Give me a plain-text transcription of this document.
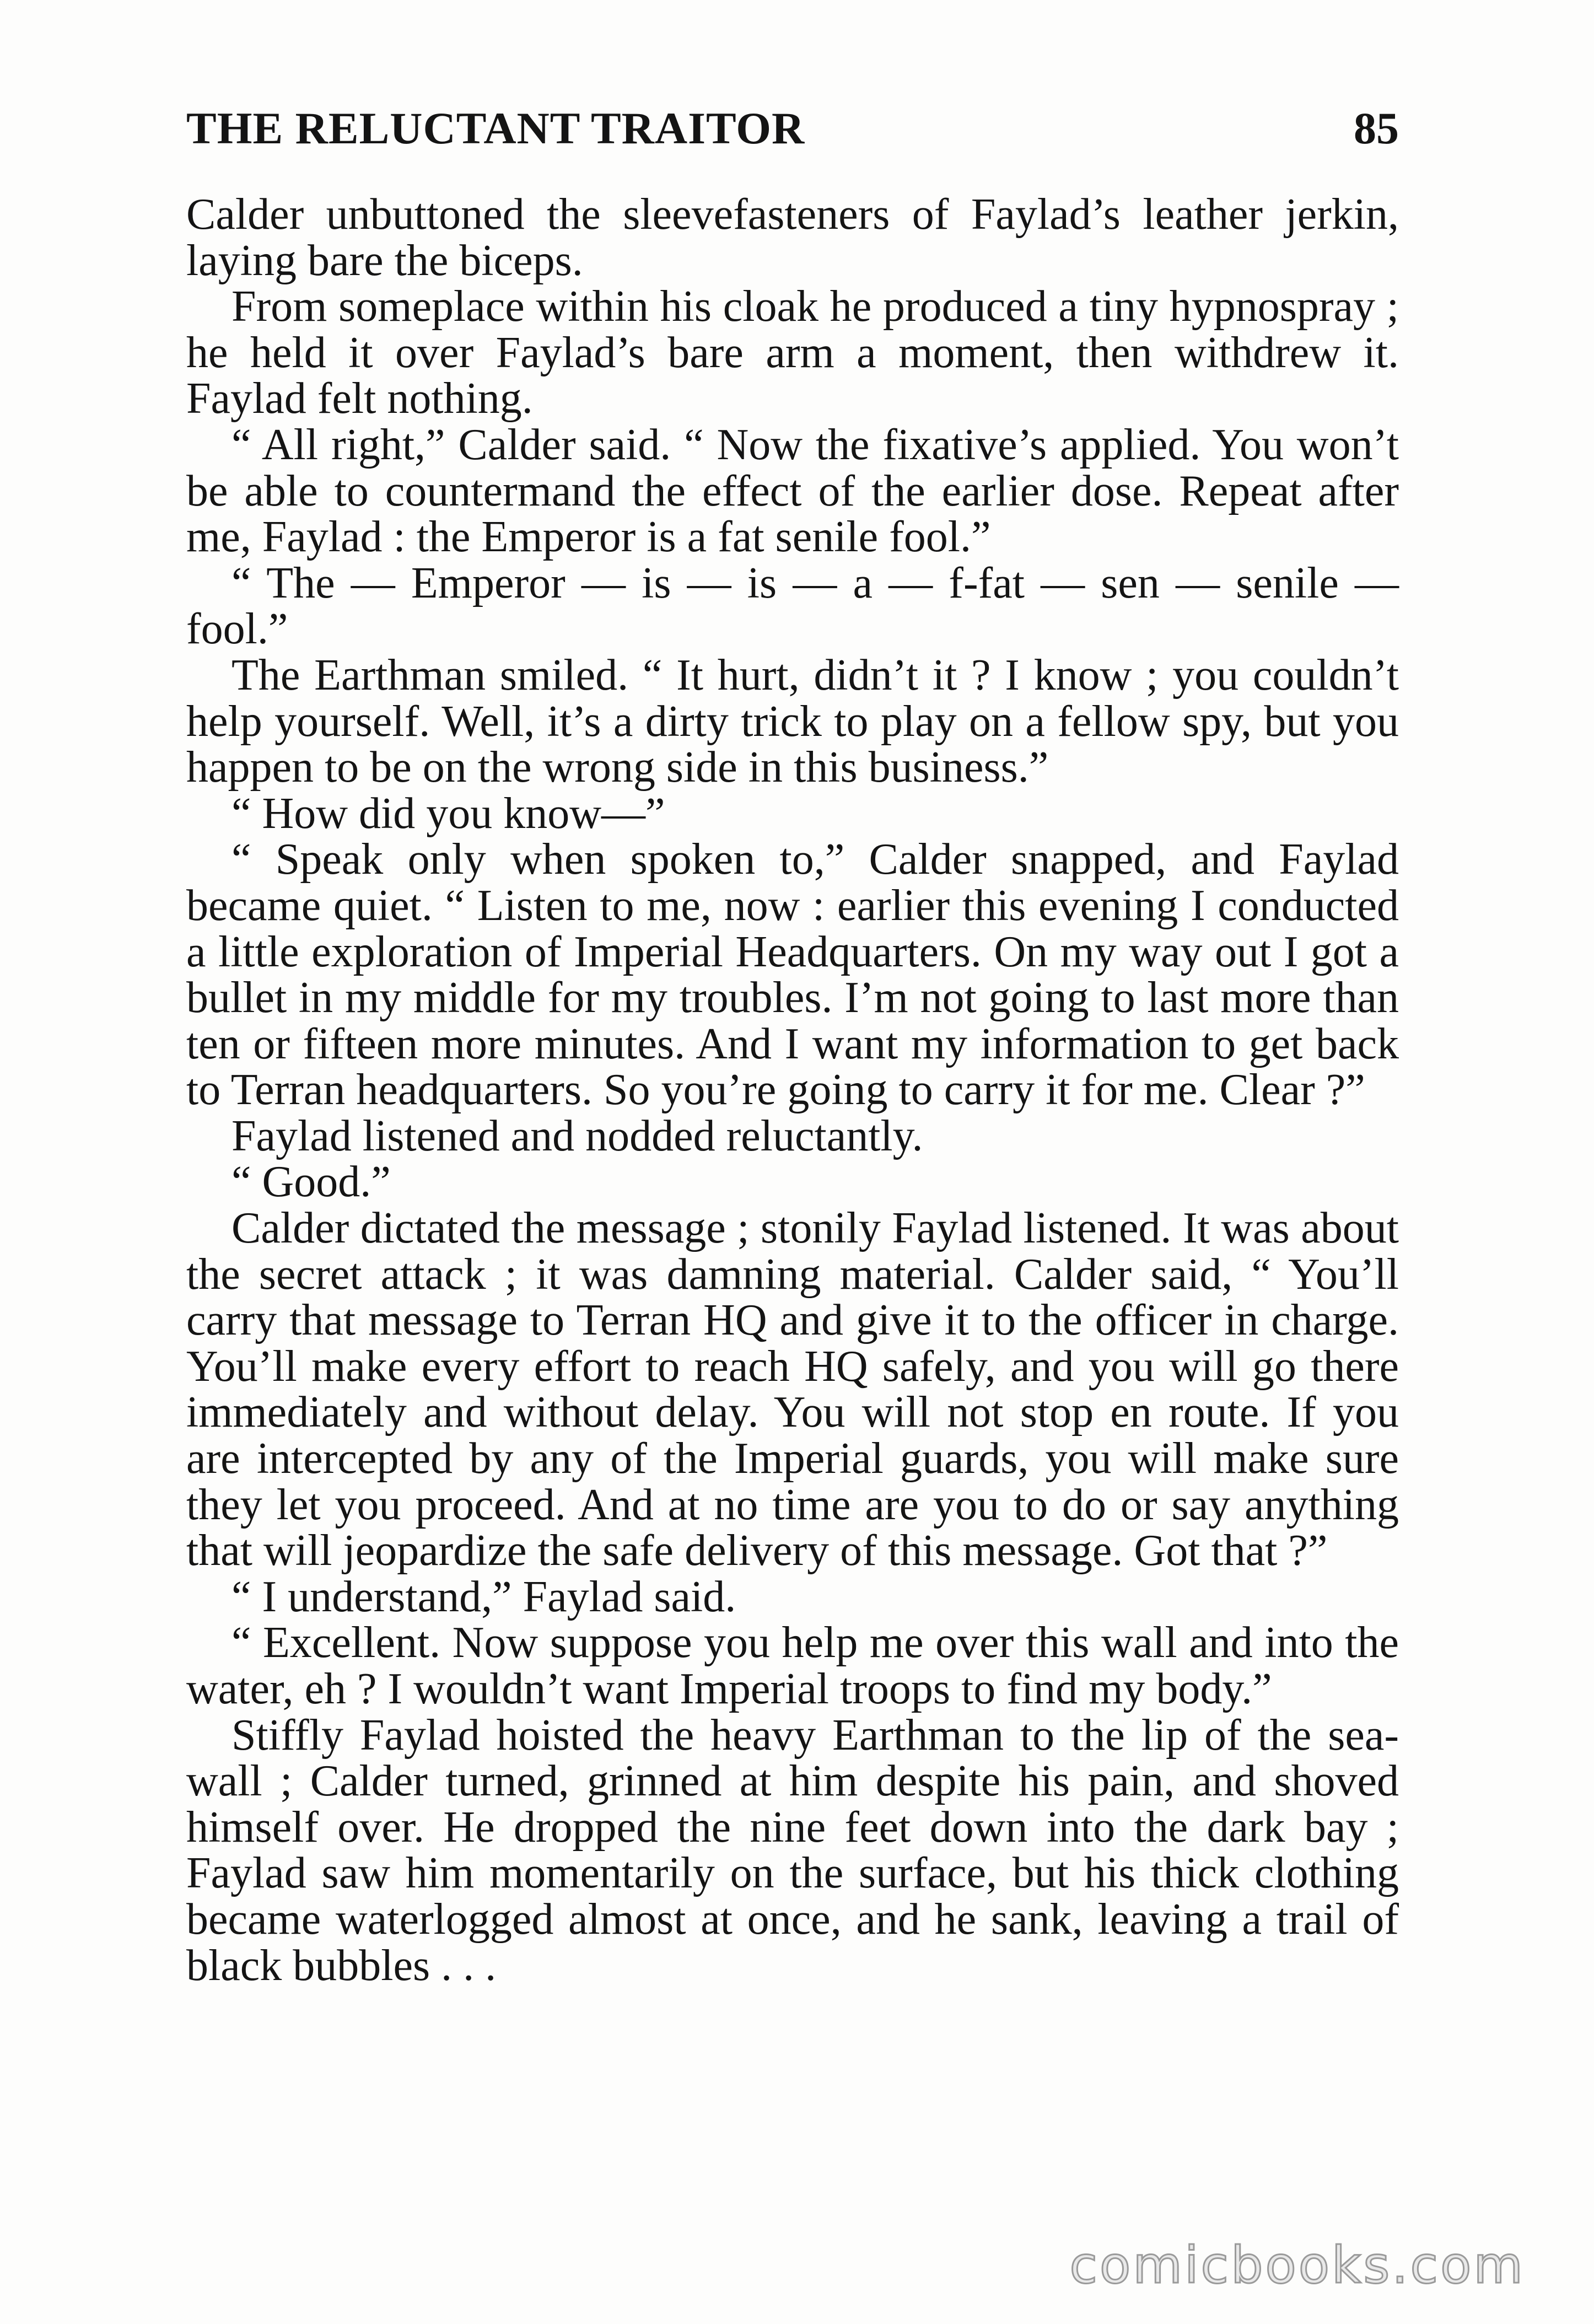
THE RELUCTANT TRAITOR	85

Calder unbuttoned the sleevefasteners of Faylad’s leather jerkin, laying bare the biceps.

From someplace within his cloak he produced a tiny hypnospray ; he held it over Faylad’s bare arm a moment, then withdrew it. Faylad felt nothing.

“ All right,” Calder said. “ Now the fixative’s applied. You won’t be able to countermand the effect of the earlier dose. Repeat after me, Faylad : the Emperor is a fat senile fool.”

“ The — Emperor — is — is — a — f-fat — sen — senile — fool.”

The Earthman smiled. “ It hurt, didn’t it ? I know ; you couldn’t help yourself. Well, it’s a dirty trick to play on a fellow spy, but you happen to be on the wrong side in this business.”

“ How did you know—”

“ Speak only when spoken to,” Calder snapped, and Faylad became quiet. “ Listen to me, now : earlier this evening I conducted a little exploration of Imperial Headquarters. On my way out I got a bullet in my middle for my troubles. I’m not going to last more than ten or fifteen more minutes. And I want my information to get back to Terran headquarters. So you’re going to carry it for me. Clear ?”

Faylad listened and nodded reluctantly.

“ Good.”

Calder dictated the message ; stonily Faylad listened. It was about the secret attack ; it was damning material. Calder said, “ You’ll carry that message to Terran HQ and give it to the officer in charge. You’ll make every effort to reach HQ safely, and you will go there immediately and without delay. You will not stop en route. If you are intercepted by any of the Imperial guards, you will make sure they let you proceed. And at no time are you to do or say anything that will jeopardize the safe delivery of this message. Got that ?”

“ I understand,” Faylad said.

“ Excellent. Now suppose you help me over this wall and into the water, eh ? I wouldn’t want Imperial troops to find my body.”

Stiffly Faylad hoisted the heavy Earthman to the lip of the sea-wall ; Calder turned, grinned at him despite his pain, and shoved himself over. He dropped the nine feet down into the dark bay ; Faylad saw him momentarily on the surface, but his thick clothing became waterlogged almost at once, and he sank, leaving a trail of black bubbles . . .

comicbooks.com
